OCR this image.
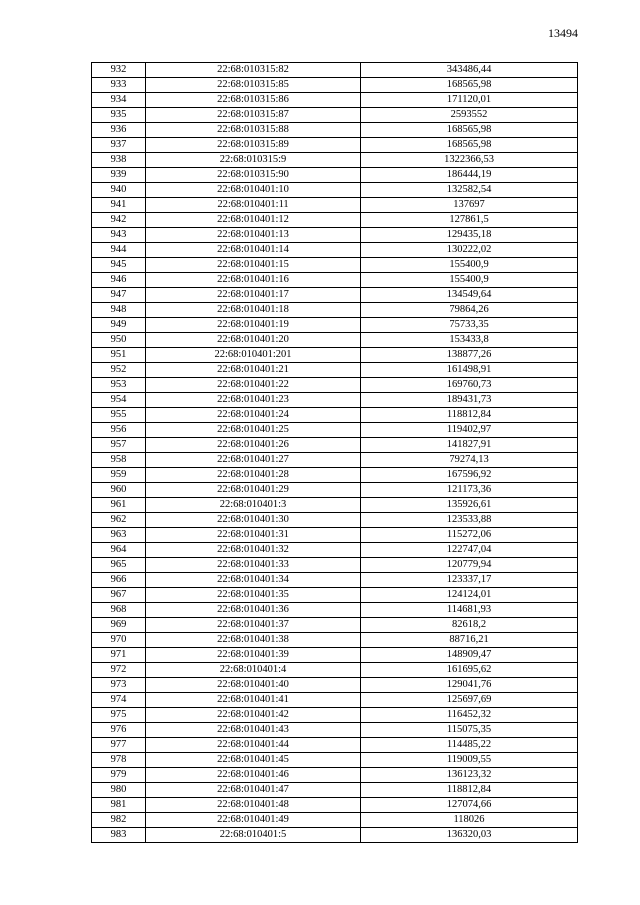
13494
932	22:68:010315:82	343486,44
933	22:68:010315:85	168565,98
934	22:68:010315:86	171120,01
935	22:68:010315:87	2593552
936	22:68:010315:88	168565,98
937	22:68:010315:89	168565,98
938	22:68:010315:9	1322366,53
939	22:68:010315:90	186444,19
940	22:68:010401:10	132582,54
941	22:68:010401:11	137697
942	22:68:010401:12	127861,5
943	22:68:010401:13	129435,18
944	22:68:010401:14	130222,02
945	22:68:010401:15	155400,9
946	22:68:010401:16	155400,9
947	22:68:010401:17	134549,64
948	22:68:010401:18	79864,26
949	22:68:010401:19	75733,35
950	22:68:010401:20	153433,8
951	22:68:010401:201	138877,26
952	22:68:010401:21	161498,91
953	22:68:010401:22	169760,73
954	22:68:010401:23	189431,73
955	22:68:010401:24	118812,84
956	22:68:010401:25	119402,97
957	22:68:010401:26	141827,91
958	22:68:010401:27	79274,13
959	22:68:010401:28	167596,92
960	22:68:010401:29	121173,36
961	22:68:010401:3	135926,61
962	22:68:010401:30	123533,88
963	22:68:010401:31	115272,06
964	22:68:010401:32	122747,04
965	22:68:010401:33	120779,94
966	22:68:010401:34	123337,17
967	22:68:010401:35	124124,01
968	22:68:010401:36	114681,93
969	22:68:010401:37	82618,2
970	22:68:010401:38	88716,21
971	22:68:010401:39	148909,47
972	22:68:010401:4	161695,62
973	22:68:010401:40	129041,76
974	22:68:010401:41	125697,69
975	22:68:010401:42	116452,32
976	22:68:010401:43	115075,35
977	22:68:010401:44	114485,22
978	22:68:010401:45	119009,55
979	22:68:010401:46	136123,32
980	22:68:010401:47	118812,84
981	22:68:010401:48	127074,66
982	22:68:010401:49	118026
983	22:68:010401:5	136320,03
